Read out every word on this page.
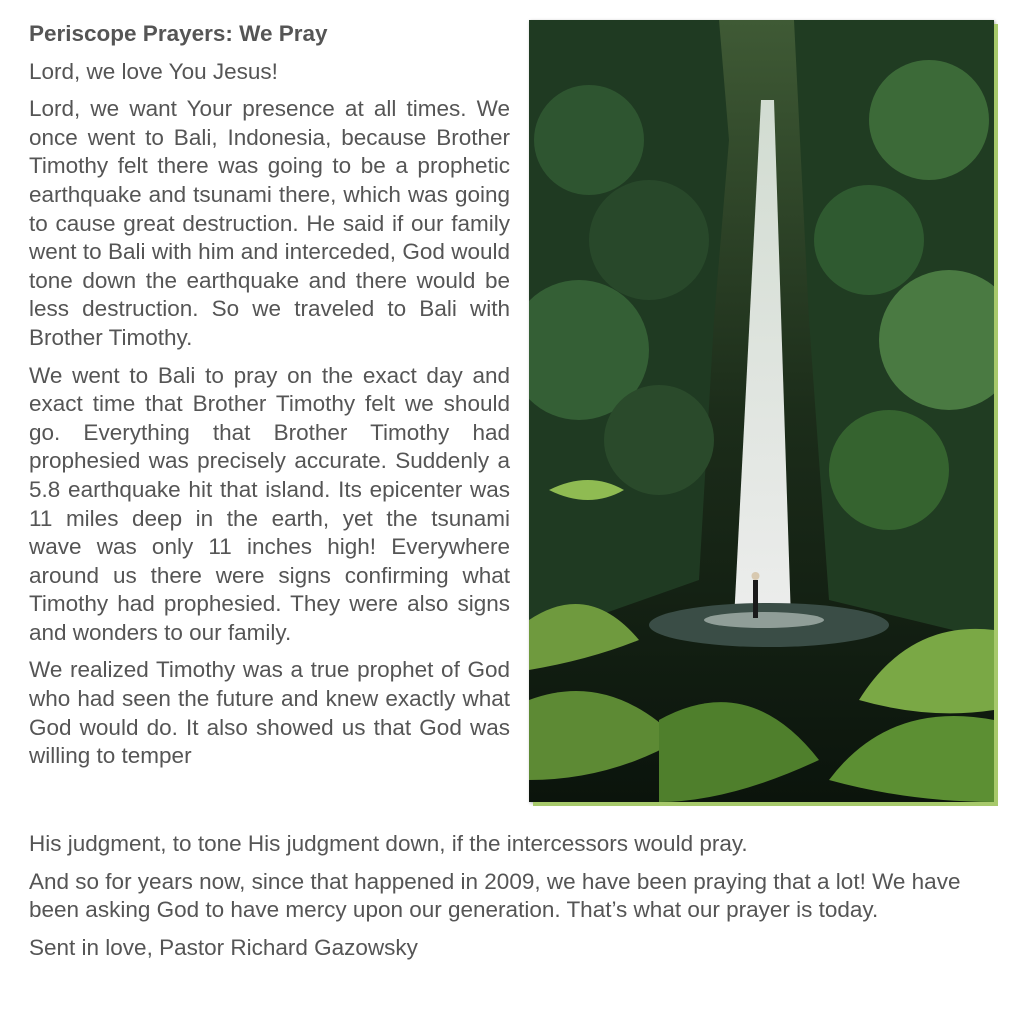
Periscope Prayers: We Pray

Lord, we love You Jesus!

Lord, we want Your presence at all times. We once went to Bali, Indonesia, because Brother Timothy felt there was going to be a prophetic earthquake and tsunami there, which was going to cause great destruction. He said if our family went to Bali with him and interceded, God would tone down the earthquake and there would be less destruction. So we traveled to Bali with Brother Timothy.

We went to Bali to pray on the exact day and exact time that Brother Timothy felt we should go. Everything that Brother Timothy had prophesied was precisely accurate. Suddenly a 5.8 earthquake hit that island. Its epicenter was 11 miles deep in the earth, yet the tsunami wave was only 11 inches high! Everywhere around us there were signs confirming what Timothy had prophesied. They were also signs and wonders to our family.

We realized Timothy was a true prophet of God who had seen the future and knew exactly what God would do. It also showed us that God was willing to temper

His judgment, to tone His judgment down, if the intercessors would pray.

And so for years now, since that happened in 2009, we have been praying that a lot! We have been asking God to have mercy upon our generation. That’s what our prayer is today.

Sent in love, Pastor Richard Gazowsky
